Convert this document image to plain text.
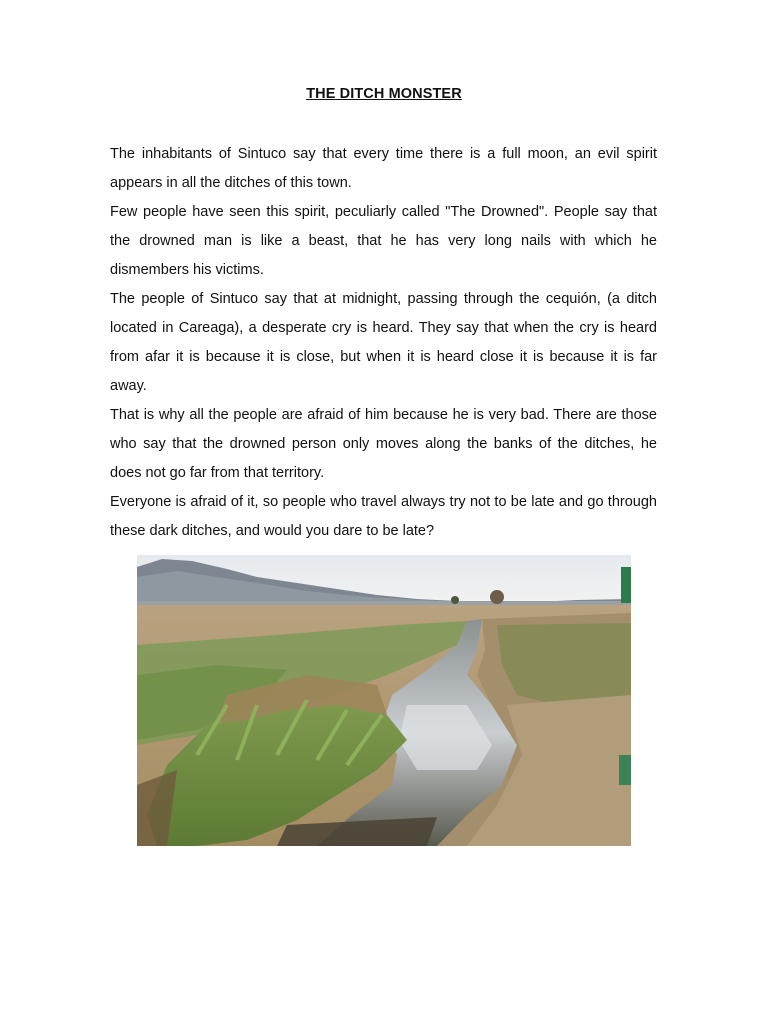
THE DITCH MONSTER

The inhabitants of Sintuco say that every time there is a full moon, an evil spirit appears in all the ditches of this town.

Few people have seen this spirit, peculiarly called "The Drowned". People say that the drowned man is like a beast, that he has very long nails with which he dismembers his victims.

The people of Sintuco say that at midnight, passing through the cequión, (a ditch located in Careaga), a desperate cry is heard. They say that when the cry is heard from afar it is because it is close, but when it is heard close it is because it is far away.

That is why all the people are afraid of him because he is very bad. There are those who say that the drowned person only moves along the banks of the ditches, he does not go far from that territory.

Everyone is afraid of it, so people who travel always try not to be late and go through these dark ditches, and would you dare to be late?
